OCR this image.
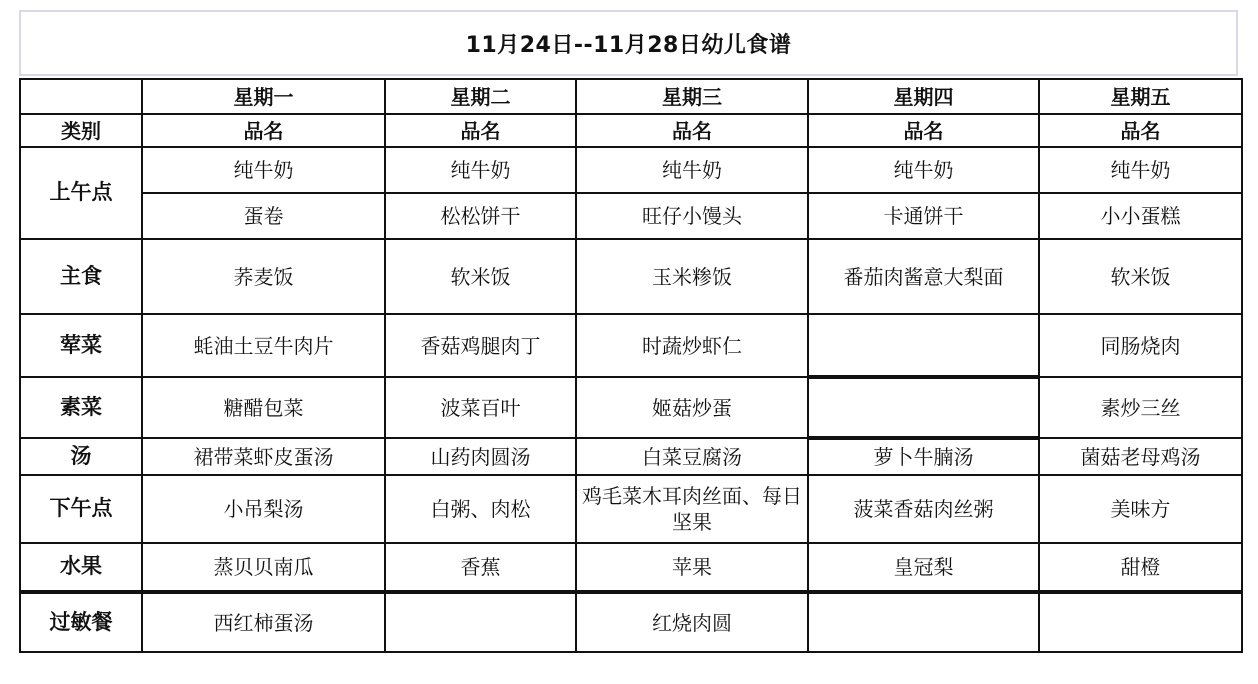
11月24日--11月28日幼儿食谱
	星期一	星期二	星期三	星期四	星期五
类别	品名	品名	品名	品名	品名
上午点	纯牛奶	纯牛奶	纯牛奶	纯牛奶	纯牛奶
	蛋卷	松松饼干	旺仔小馒头	卡通饼干	小小蛋糕
主食	荞麦饭	软米饭	玉米糁饭	番茄肉酱意大梨面	软米饭
荤菜	蚝油土豆牛肉片	香菇鸡腿肉丁	时蔬炒虾仁		同肠烧肉
素菜	糖醋包菜	波菜百叶	姬菇炒蛋		素炒三丝
汤	裙带菜虾皮蛋汤	山药肉圆汤	白菜豆腐汤	萝卜牛腩汤	菌菇老母鸡汤
下午点	小吊梨汤	白粥、肉松	鸡毛菜木耳肉丝面、每日坚果	菠菜香菇肉丝粥	美味方
水果	蒸贝贝南瓜	香蕉	苹果	皇冠梨	甜橙
过敏餐	西红柿蛋汤		红烧肉圆		
